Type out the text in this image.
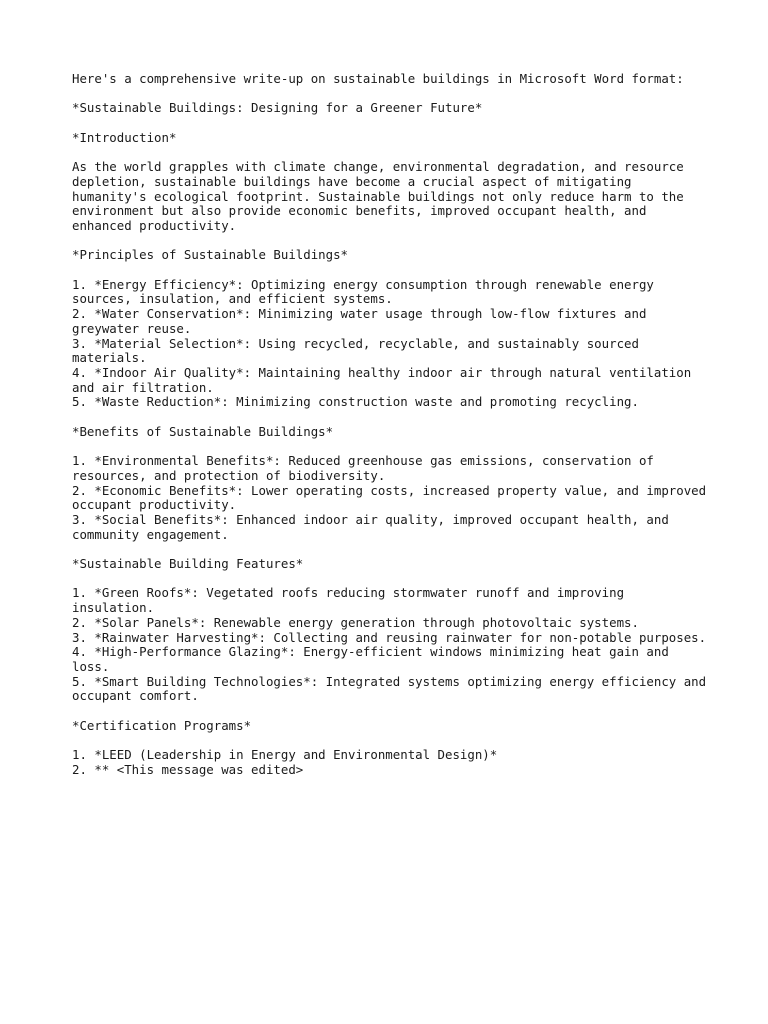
Here's a comprehensive write-up on sustainable buildings in Microsoft Word format:

*Sustainable Buildings: Designing for a Greener Future*

*Introduction*

As the world grapples with climate change, environmental degradation, and resource depletion, sustainable buildings have become a crucial aspect of mitigating humanity's ecological footprint. Sustainable buildings not only reduce harm to the environment but also provide economic benefits, improved occupant health, and enhanced productivity.

*Principles of Sustainable Buildings*

1. *Energy Efficiency*: Optimizing energy consumption through renewable energy sources, insulation, and efficient systems.
2. *Water Conservation*: Minimizing water usage through low-flow fixtures and greywater reuse.
3. *Material Selection*: Using recycled, recyclable, and sustainably sourced materials.
4. *Indoor Air Quality*: Maintaining healthy indoor air through natural ventilation and air filtration.
5. *Waste Reduction*: Minimizing construction waste and promoting recycling.

*Benefits of Sustainable Buildings*

1. *Environmental Benefits*: Reduced greenhouse gas emissions, conservation of resources, and protection of biodiversity.
2. *Economic Benefits*: Lower operating costs, increased property value, and improved occupant productivity.
3. *Social Benefits*: Enhanced indoor air quality, improved occupant health, and community engagement.

*Sustainable Building Features*

1. *Green Roofs*: Vegetated roofs reducing stormwater runoff and improving insulation.
2. *Solar Panels*: Renewable energy generation through photovoltaic systems.
3. *Rainwater Harvesting*: Collecting and reusing rainwater for non-potable purposes.
4. *High-Performance Glazing*: Energy-efficient windows minimizing heat gain and loss.
5. *Smart Building Technologies*: Integrated systems optimizing energy efficiency and occupant comfort.

*Certification Programs*

1. *LEED (Leadership in Energy and Environmental Design)*
2. ** <This message was edited>
